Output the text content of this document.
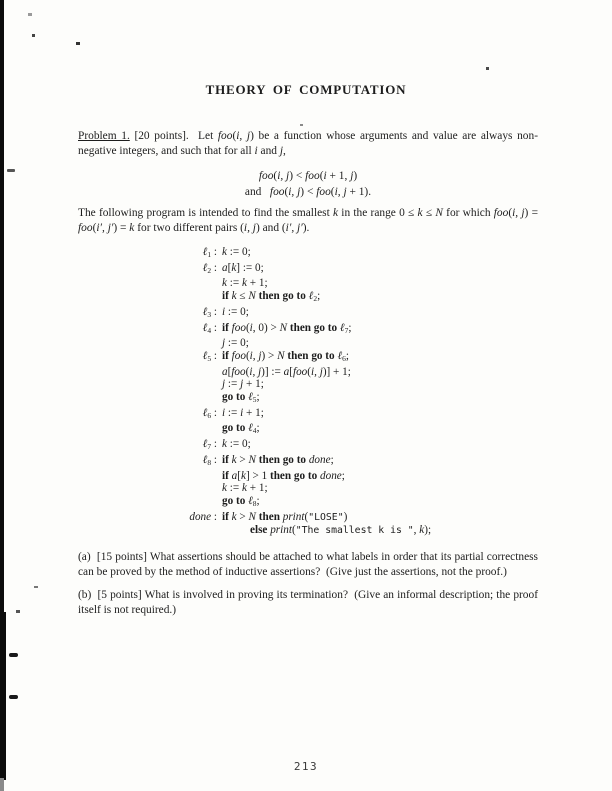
THEORY OF COMPUTATION

Problem 1. [20 points].  Let foo(i, j) be a function whose arguments and value are always non-negative integers, and such that for all i and j,

foo(i, j) < foo(i + 1, j)
and   foo(i, j) < foo(i, j + 1).

The following program is intended to find the smallest k in the range 0 ≤ k ≤ N for which foo(i, j) = foo(i′, j′) = k for two different pairs (i, j) and (i′, j′).

ℓ1 : k := 0;
ℓ2 : a[k] := 0;
k := k + 1;
if k ≤ N then go to ℓ2;
ℓ3 : i := 0;
ℓ4 : if foo(i, 0) > N then go to ℓ7;
j := 0;
ℓ5 : if foo(i, j) > N then go to ℓ6;
a[foo(i, j)] := a[foo(i, j)] + 1;
j := j + 1;
go to ℓ5;
ℓ6 : i := i + 1;
go to ℓ4;
ℓ7 : k := 0;
ℓ8 : if k > N then go to done;
if a[k] > 1 then go to done;
k := k + 1;
go to ℓ8;
done : if k > N then print("LOSE")
else print("The smallest k is ", k);

(a)  [15 points] What assertions should be attached to what labels in order that its partial correctness can be proved by the method of inductive assertions?  (Give just the assertions, not the proof.)

(b)  [5 points] What is involved in proving its termination?  (Give an informal description; the proof itself is not required.)

213
